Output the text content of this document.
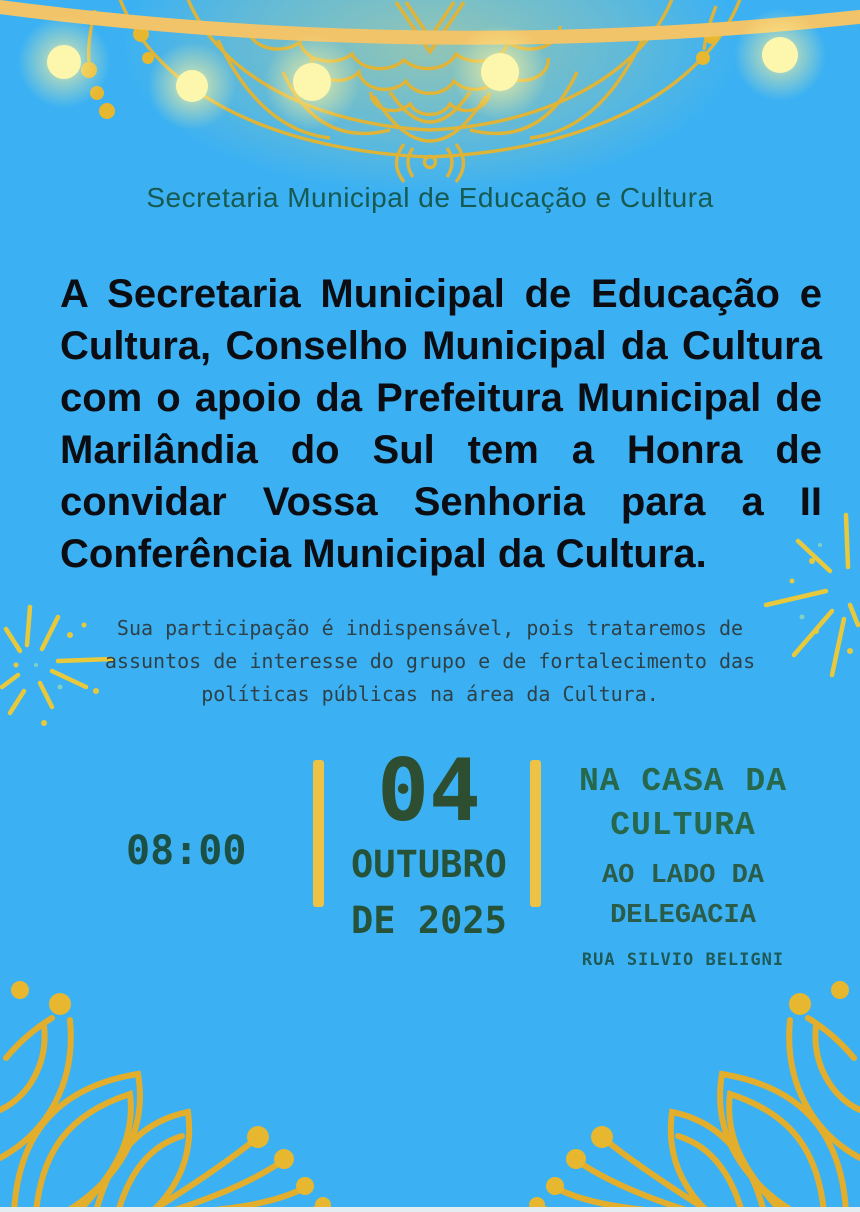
Secretaria Municipal de Educação e Cultura
A Secretaria Municipal de Educação e
Cultura, Conselho Municipal da Cultura
com o apoio da Prefeitura Municipal de
Marilândia do Sul tem a Honra de
convidar Vossa Senhoria para a II
Conferência Municipal da Cultura.
Sua participação é indispensável, pois trataremos de
assuntos de interesse do grupo e de fortalecimento das
políticas públicas na área da Cultura.
08:00
04
OUTUBRO
DE 2025
NA CASA DA
CULTURA
AO LADO DA
DELEGACIA
RUA SILVIO BELIGNI
